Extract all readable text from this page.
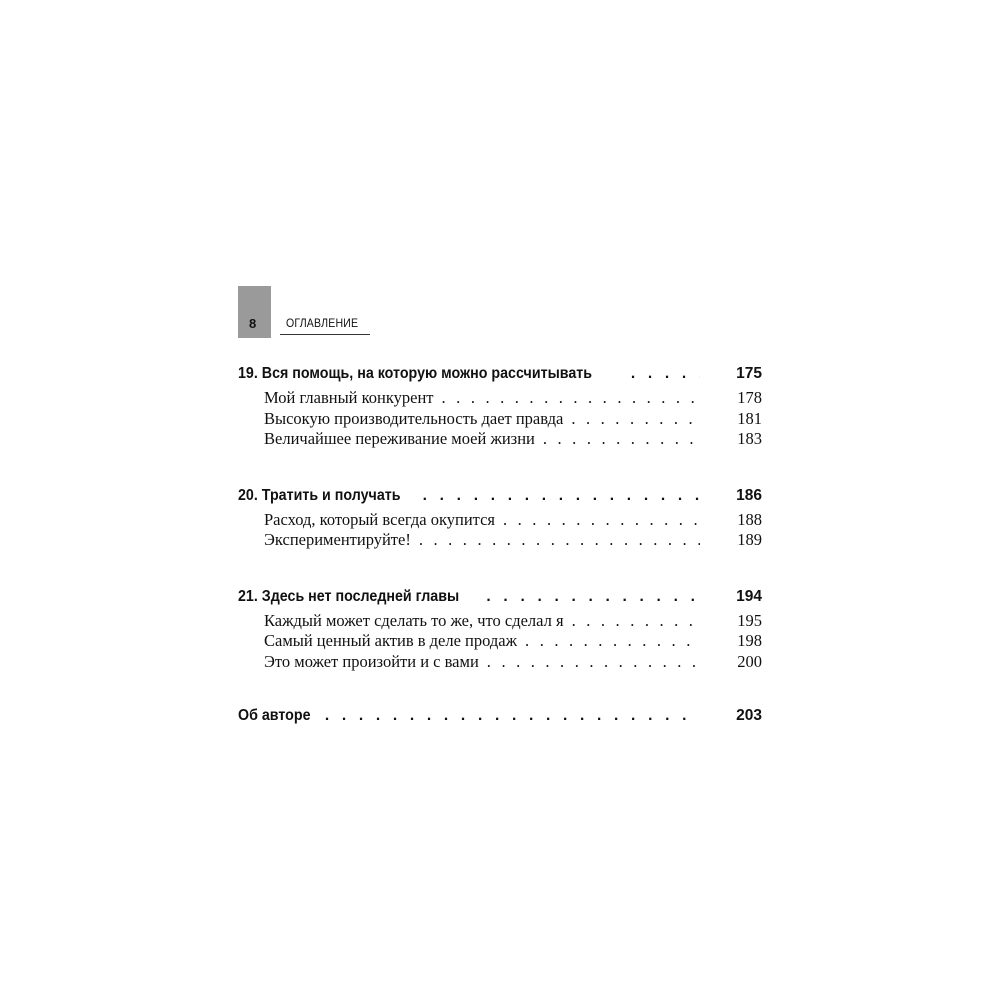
8 ОГЛАВЛЕНИЕ
19. Вся помощь, на которую можно рассчитывать . . .	175
Мой главный конкурент . . .	178
Высокую производительность дает правда . . .	181
Величайшее переживание моей жизни . . .	183
20. Тратить и получать . . .	186
Расход, который всегда окупится . . .	188
Экспериментируйте! . . .	189
21. Здесь нет последней главы . . .	194
Каждый может сделать то же, что сделал я . . .	195
Самый ценный актив в деле продаж . . .	198
Это может произойти и с вами . . .	200
Об авторе . . .	203
